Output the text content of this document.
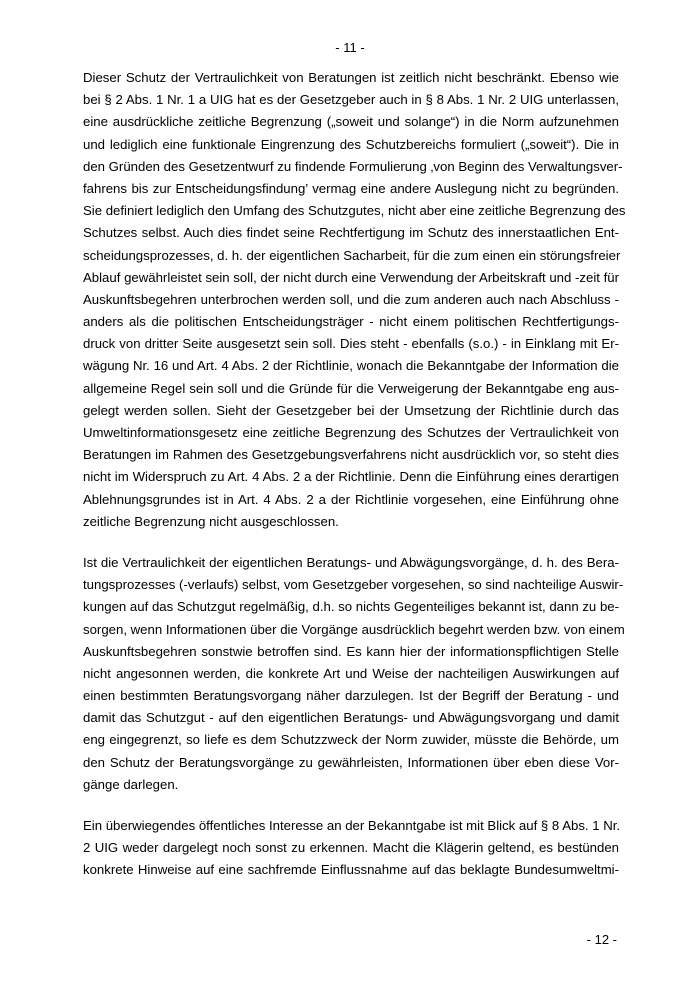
- 11 -
Dieser Schutz der Vertraulichkeit von Beratungen ist zeitlich nicht beschränkt. Ebenso wie
bei § 2 Abs. 1 Nr. 1 a UIG hat es der Gesetzgeber auch in § 8 Abs. 1 Nr. 2 UIG unterlassen,
eine ausdrückliche zeitliche Begrenzung („soweit und solange“) in die Norm aufzunehmen
und lediglich eine funktionale Eingrenzung des Schutzbereichs formuliert („soweit“). Die in
den Gründen des Gesetzentwurf zu findende Formulierung ‚von Beginn des Verwaltungsver-
fahrens bis zur Entscheidungsfindung’ vermag eine andere Auslegung nicht zu begründen.
Sie definiert lediglich den Umfang des Schutzgutes, nicht aber eine zeitliche Begrenzung des
Schutzes selbst. Auch dies findet seine Rechtfertigung im Schutz des innerstaatlichen Ent-
scheidungsprozesses, d. h. der eigentlichen Sacharbeit, für die zum einen ein störungsfreier
Ablauf gewährleistet sein soll, der nicht durch eine Verwendung der Arbeitskraft und -zeit für
Auskunftsbegehren unterbrochen werden soll, und die zum anderen auch nach Abschluss -
anders als die politischen Entscheidungsträger - nicht einem politischen Rechtfertigungs-
druck von dritter Seite ausgesetzt sein soll. Dies steht - ebenfalls (s.o.) - in Einklang mit Er-
wägung Nr. 16 und Art. 4 Abs. 2 der Richtlinie, wonach die Bekanntgabe der Information die
allgemeine Regel sein soll und die Gründe für die Verweigerung der Bekanntgabe eng aus-
gelegt werden sollen. Sieht der Gesetzgeber bei der Umsetzung der Richtlinie durch das
Umweltinformationsgesetz eine zeitliche Begrenzung des Schutzes der Vertraulichkeit von
Beratungen im Rahmen des Gesetzgebungsverfahrens nicht ausdrücklich vor, so steht dies
nicht im Widerspruch zu Art. 4 Abs. 2 a der Richtlinie. Denn die Einführung eines derartigen
Ablehnungsgrundes ist in Art. 4 Abs. 2 a der Richtlinie vorgesehen, eine Einführung ohne
zeitliche Begrenzung nicht ausgeschlossen.
Ist die Vertraulichkeit der eigentlichen Beratungs- und Abwägungsvorgänge, d. h. des Bera-
tungsprozesses (-verlaufs) selbst, vom Gesetzgeber vorgesehen, so sind nachteilige Auswir-
kungen auf das Schutzgut regelmäßig, d.h. so nichts Gegenteiliges bekannt ist, dann zu be-
sorgen, wenn Informationen über die Vorgänge ausdrücklich begehrt werden bzw. von einem
Auskunftsbegehren sonstwie betroffen sind. Es kann hier der informationspflichtigen Stelle
nicht angesonnen werden, die konkrete Art und Weise der nachteiligen Auswirkungen auf
einen bestimmten Beratungsvorgang näher darzulegen. Ist der Begriff der Beratung - und
damit das Schutzgut - auf den eigentlichen Beratungs- und Abwägungsvorgang und damit
eng eingegrenzt, so liefe es dem Schutzzweck der Norm zuwider, müsste die Behörde, um
den Schutz der Beratungsvorgänge zu gewährleisten, Informationen über eben diese Vor-
gänge darlegen.
Ein überwiegendes öffentliches Interesse an der Bekanntgabe ist mit Blick auf § 8 Abs. 1 Nr.
2 UIG weder dargelegt noch sonst zu erkennen. Macht die Klägerin geltend, es bestünden
konkrete Hinweise auf eine sachfremde Einflussnahme auf das beklagte Bundesumweltmi-
- 12 -
